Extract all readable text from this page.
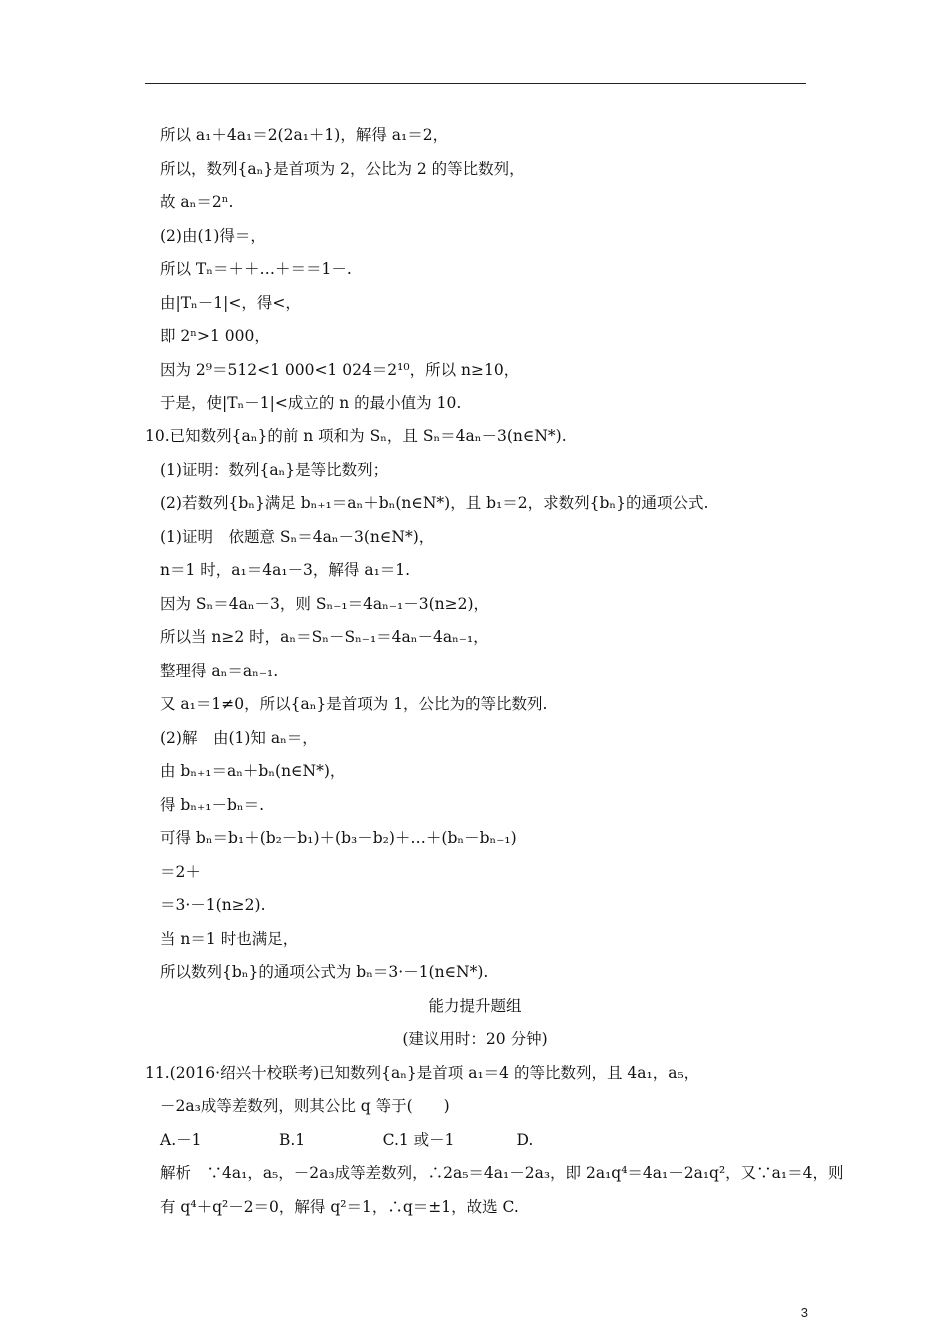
所以 a₁＋4a₁＝2(2a₁＋1)，解得 a₁＝2，
所以，数列{aₙ}是首项为 2，公比为 2 的等比数列，
故 aₙ＝2ⁿ.
(2)由(1)得＝，
所以 Tₙ＝＋＋…＋＝＝1－.
由|Tₙ－1|<，得<，
即 2ⁿ>1 000，
因为 2⁹＝512<1 000<1 024＝2¹⁰，所以 n≥10，
于是，使|Tₙ－1|<成立的 n 的最小值为 10.
10.已知数列{aₙ}的前 n 项和为 Sₙ，且 Sₙ＝4aₙ－3(n∈N*).
(1)证明：数列{aₙ}是等比数列；
(2)若数列{bₙ}满足 bₙ₊₁＝aₙ＋bₙ(n∈N*)，且 b₁＝2，求数列{bₙ}的通项公式.
(1)证明　依题意 Sₙ＝4aₙ－3(n∈N*)，
n＝1 时，a₁＝4a₁－3，解得 a₁＝1.
因为 Sₙ＝4aₙ－3，则 Sₙ₋₁＝4aₙ₋₁－3(n≥2)，
所以当 n≥2 时，aₙ＝Sₙ－Sₙ₋₁＝4aₙ－4aₙ₋₁，
整理得 aₙ＝aₙ₋₁.
又 a₁＝1≠0，所以{aₙ}是首项为 1，公比为的等比数列.
(2)解　由(1)知 aₙ＝，
由 bₙ₊₁＝aₙ＋bₙ(n∈N*)，
得 bₙ₊₁－bₙ＝.
可得 bₙ＝b₁＋(b₂－b₁)＋(b₃－b₂)＋…＋(bₙ－bₙ₋₁)
＝2＋
＝3·－1(n≥2).
当 n＝1 时也满足，
所以数列{bₙ}的通项公式为 bₙ＝3·－1(n∈N*).
能力提升题组
(建议用时：20 分钟)
11.(2016·绍兴十校联考)已知数列{aₙ}是首项 a₁＝4 的等比数列，且 4a₁，a₅，
－2a₃成等差数列，则其公比 q 等于(　　)
A.－1　　　　　B.1　　　　　C.1 或－1　　　　D.
解析　∵4a₁，a₅，－2a₃成等差数列，∴2a₅＝4a₁－2a₃，即 2a₁q⁴＝4a₁－2a₁q²，又∵a₁＝4，则
有 q⁴＋q²－2＝0，解得 q²＝1，∴q＝±1，故选 C.
3
